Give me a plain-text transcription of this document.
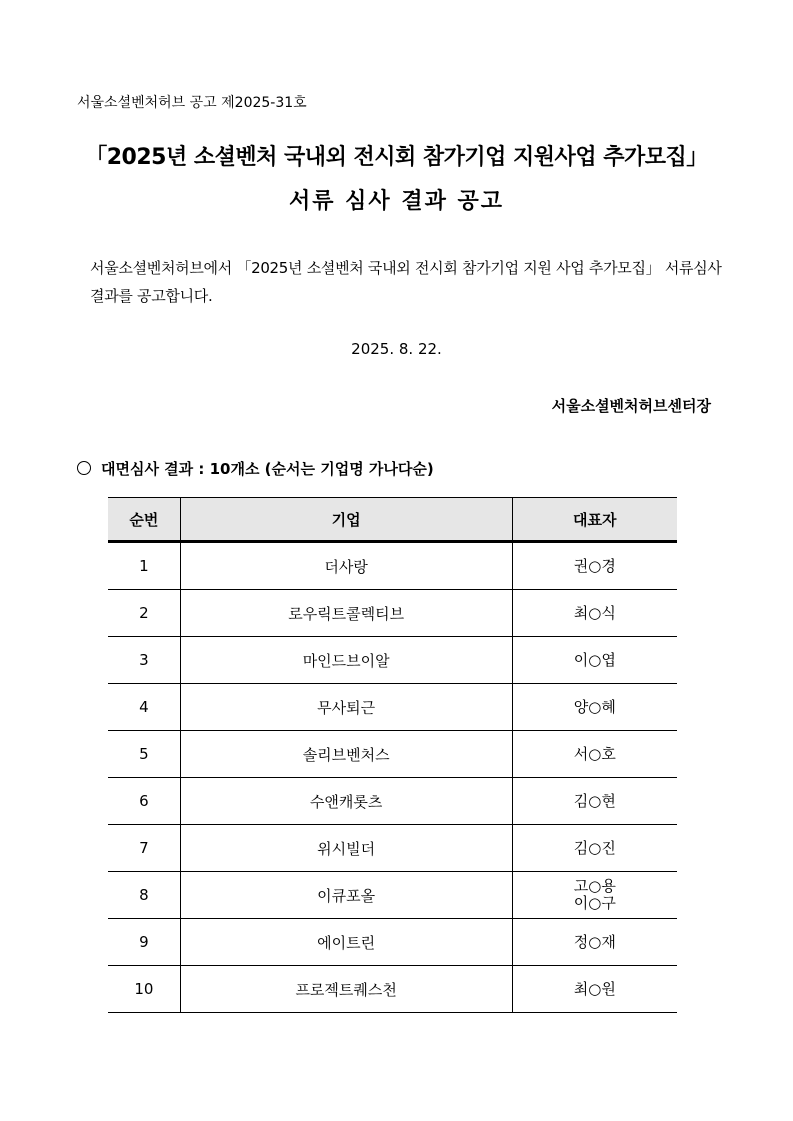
서울소셜벤처허브 공고 제2025-31호
「2025년 소셜벤처 국내외 전시회 참가기업 지원사업 추가모집」
서류 심사 결과 공고
서울소셜벤처허브에서 「2025년 소셜벤처 국내외 전시회 참가기업 지원 사업 추가모집」 서류심사 결과를 공고합니다.
2025. 8. 22.
서울소셜벤처허브센터장
대면심사 결과 : 10개소 (순서는 기업명 가나다순)
순번	기업	대표자
1	더사랑	권○경

2	로우릭트콜렉티브	최○식

3	마인드브이알	이○엽

4	무사퇴근	양○혜

5	솔리브벤처스	서○호

6	수앤캐롯츠	김○현

7	위시빌더	김○진

8	이큐포올	고○용
이○구

9	에이트린	정○재

10	프로젝트퀘스천	최○원
